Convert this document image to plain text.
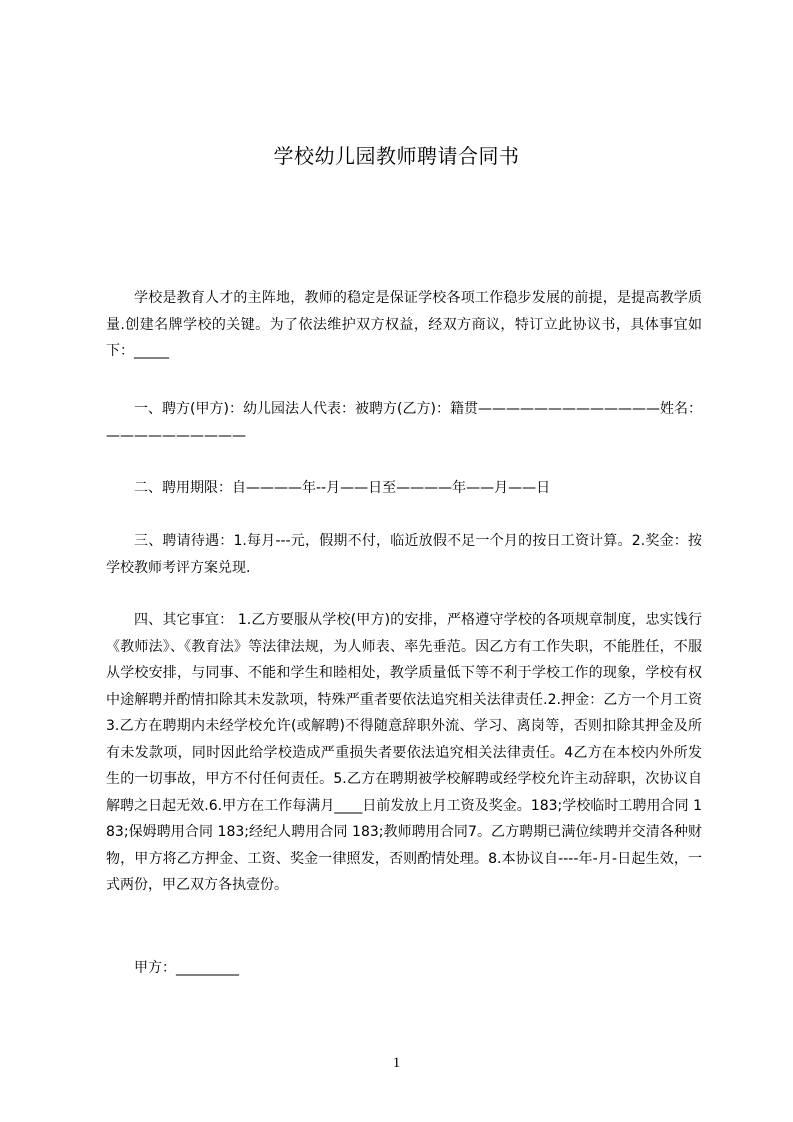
学校幼儿园教师聘请合同书
学校是教育人才的主阵地，教师的稳定是保证学校各项工作稳步发展的前提，是提高教学质量.创建名牌学校的关键。为了依法维护双方权益，经双方商议，特订立此协议书，具体事宜如下：_____
一、聘方(甲方)：幼儿园法人代表：被聘方(乙方)：籍贯—————————————姓名：——————————
二、聘用期限：自————年--月——日至————年——月——日
三、聘请待遇：1.每月---元，假期不付，临近放假不足一个月的按日工资计算。2.奖金：按学校教师考评方案兑现.
四、其它事宜： 1.乙方要服从学校(甲方)的安排，严格遵守学校的各项规章制度，忠实饯行《教师法》、《教育法》等法律法规，为人师表、率先垂范。因乙方有工作失职，不能胜任，不服从学校安排，与同事、不能和学生和睦相处，教学质量低下等不利于学校工作的现象，学校有权中途解聘并酌情扣除其未发款项，特殊严重者要依法追究相关法律责任.2.押金：乙方一个月工资3.乙方在聘期内未经学校允许(或解聘)不得随意辞职外流、学习、离岗等，否则扣除其押金及所有未发款项，同时因此给学校造成严重损失者要依法追究相关法律责任。4乙方在本校内外所发生的一切事故，甲方不付任何责任。5.乙方在聘期被学校解聘或经学校允许主动辞职，次协议自解聘之日起无效.6.甲方在工作每满月____日前发放上月工资及奖金。183;学校临时工聘用合同 183;保姆聘用合同 183;经纪人聘用合同 183;教师聘用合同7。乙方聘期已满位续聘并交清各种财物，甲方将乙方押金、工资、奖金一律照发，否则酌情处理。8.本协议自----年-月-日起生效，一式两份，甲乙双方各执壹份。
甲方：_________
1
